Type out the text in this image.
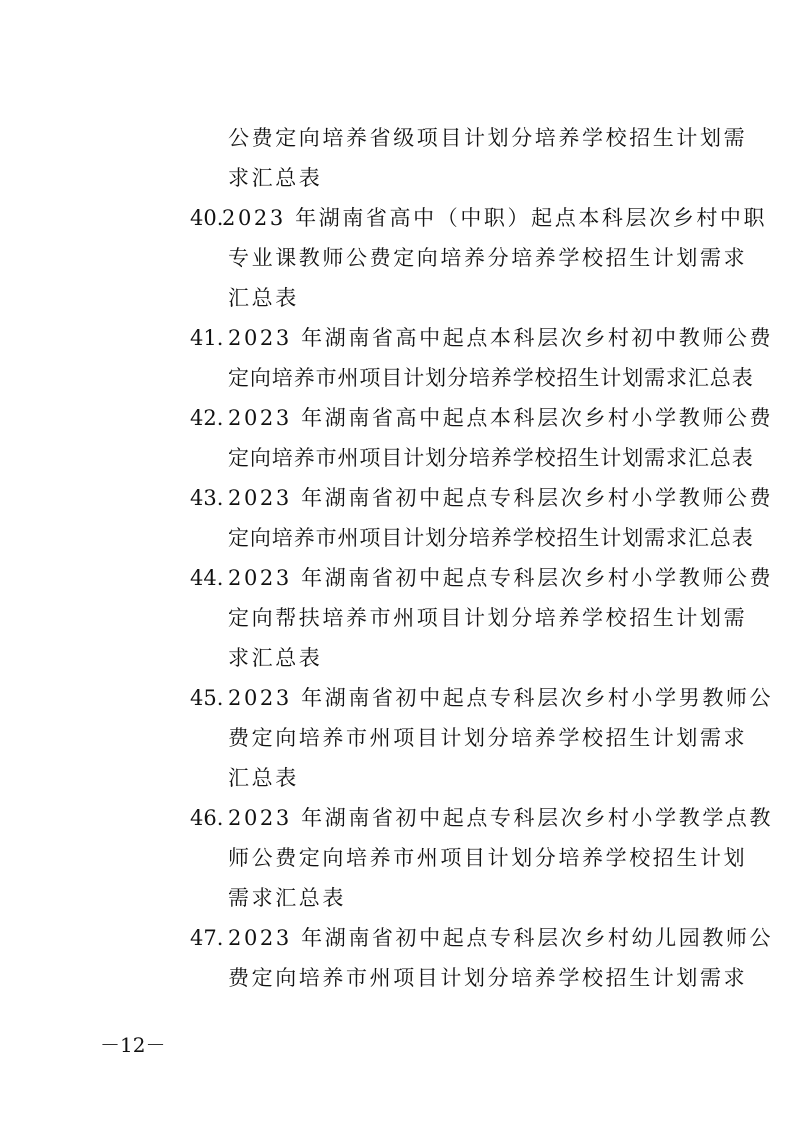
公费定向培养省级项目计划分培养学校招生计划需
求汇总表
40.
2023 年湖南省高中（中职）起点本科层次乡村中职
专业课教师公费定向培养分培养学校招生计划需求
汇总表
41. 2023 年湖南省高中起点本科层次乡村初中教师公费
定向培养市州项目计划分培养学校招生计划需求汇总表
42. 2023 年湖南省高中起点本科层次乡村小学教师公费
定向培养市州项目计划分培养学校招生计划需求汇总表
43. 2023 年湖南省初中起点专科层次乡村小学教师公费
定向培养市州项目计划分培养学校招生计划需求汇总表
44. 2023 年湖南省初中起点专科层次乡村小学教师公费
定向帮扶培养市州项目计划分培养学校招生计划需
求汇总表
45. 2023 年湖南省初中起点专科层次乡村小学男教师公
费定向培养市州项目计划分培养学校招生计划需求
汇总表
46. 2023 年湖南省初中起点专科层次乡村小学教学点教
师公费定向培养市州项目计划分培养学校招生计划
需求汇总表
47. 2023 年湖南省初中起点专科层次乡村幼儿园教师公
费定向培养市州项目计划分培养学校招生计划需求
－12－
